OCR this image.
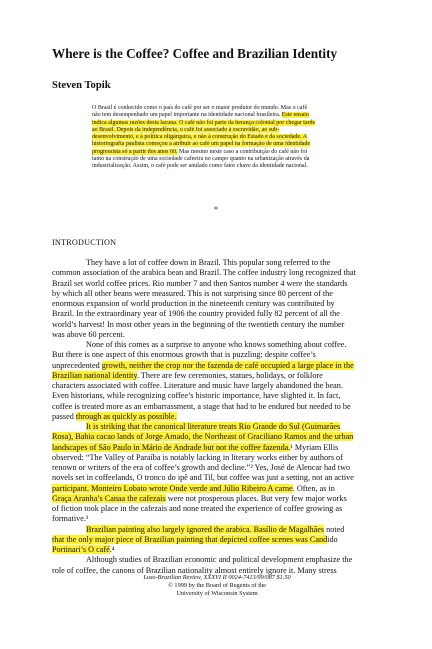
Where is the Coffee? Coffee and Brazilian Identity
Steven Topik
O Brasil é conhecido como o país do café por ser o maior produtor do mundo. Mas o café
não tem desempenhado um papel importante na identidade nacional brasileira. Este ensaio
indica algumas razões desta lacuna. O café não foi parte da herança colonial por chegar tarde
ao Brasil. Depois da independência, o café foi associado à escravidão, ao sub-
desenvolvimento, e à política oligárquica, e não à construção do Estado e da sociedade. A
historiografia paulista começou a atribuir ao café um papel na formação de uma identidade
progressista só a partir dos anos 60. Mas mesmo neste caso a contribuição do café não foi
tanto na construção de uma sociedade cafeeira no campo quanto na urbanização através da
industrialização. Assim, o café pode ser anulado como fator chave da identidade nacional.
*
INTRODUCTION
They have a lot of coffee down in Brazil. This popular song referred to the
common association of the arabica bean and Brazil. The coffee industry long recognized that
Brazil set world coffee prices. Rio number 7 and then Santos number 4 were the standards
by which all other beans were measured. This is not surprising since 80 percent of the
enormous expansion of world production in the nineteenth century was contributed by
Brazil. In the extraordinary year of 1906 the country provided fully 82 percent of all the
world’s harvest! In most other years in the beginning of the twentieth century the number
was above 60 percent.
None of this comes as a surprise to anyone who knows something about coffee.
But there is one aspect of this enormous growth that is puzzling: despite coffee’s
unprecedented growth, neither the crop nor the fazenda de café occupied a large place in the
Brazilian national identity. There are few ceremonies, statues, holidays, or folklore
characters associated with coffee. Literature and music have largely abandoned the bean.
Even historians, while recognizing coffee’s historic importance, have slighted it. In fact,
coffee is treated more as an embarrassment, a stage that had to be endured but needed to be
passed through as quickly as possible.
It is striking that the canonical literature treats Rio Grande do Sul (Guimarães
Rosa), Bahia cacao lands of Jorge Amado, the Northeast of Graciliano Ramos and the urban
landscapes of São Paulo in Mário de Andrade but not the coffee fazenda.¹ Myriam Ellis
observed: “The Valley of Paraíba is notably lacking in literary works either by authors of
renown or writers of the era of coffee’s growth and decline.”² Yes, José de Alencar had two
novels set in coffeelands, O tronco do ipê and Til, but coffee was just a setting, not an active
participant. Monteiro Lobato wrote Onde verde and Júlio Ribeiro A carne. Often, as in
Graça Aranha’s Canaa the cafezais were not prosperous places. But very few major works
of fiction took place in the cafezais and none treated the experience of coffee growing as
formative.³
Brazilian painting also largely ignored the arabica. Basílio de Magalhães noted
that the only major piece of Brazilian painting that depicted coffee scenes was Candido
Portinari’s O café.⁴
Although studies of Brazilian economic and political development emphasize the
role of coffee, the canons of Brazilian nationality almost entirely ignore it. Many stress
Luso-Brazilian Review, XXXVI II 0024-7413/99/087 $1.50
© 1999 by the Board of Regents of the
University of Wisconsin System
